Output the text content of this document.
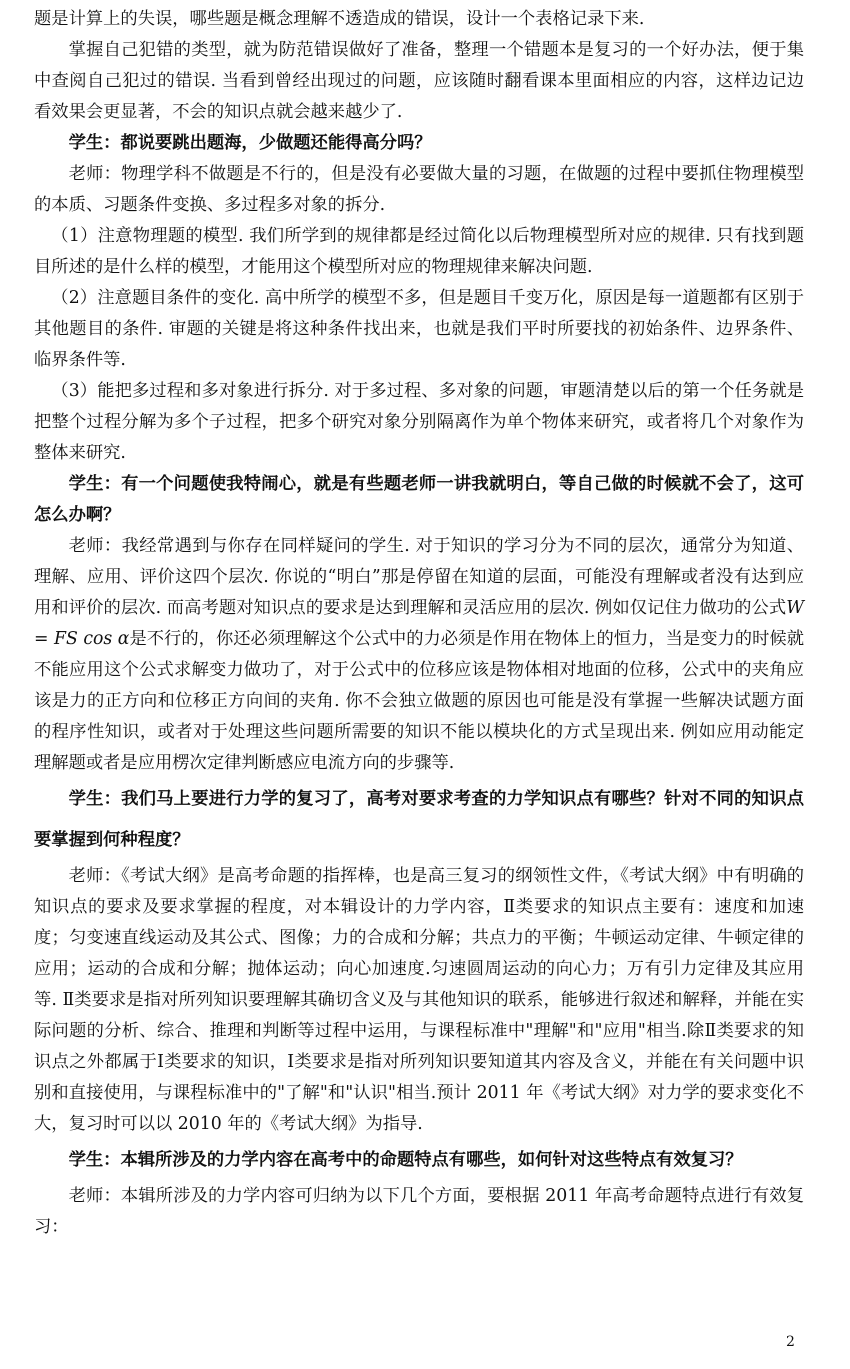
题是计算上的失误，哪些题是概念理解不透造成的错误，设计一个表格记录下来.

掌握自己犯错的类型，就为防范错误做好了准备，整理一个错题本是复习的一个好办法，便于集中查阅自己犯过的错误. 当看到曾经出现过的问题，应该随时翻看课本里面相应的内容，这样边记边看效果会更显著，不会的知识点就会越来越少了.

学生：都说要跳出题海，少做题还能得高分吗？

老师：物理学科不做题是不行的，但是没有必要做大量的习题，在做题的过程中要抓住物理模型的本质、习题条件变换、多过程多对象的拆分.

（1）注意物理题的模型. 我们所学到的规律都是经过简化以后物理模型所对应的规律. 只有找到题目所述的是什么样的模型，才能用这个模型所对应的物理规律来解决问题.

（2）注意题目条件的变化. 高中所学的模型不多，但是题目千变万化，原因是每一道题都有区别于其他题目的条件. 审题的关键是将这种条件找出来，也就是我们平时所要找的初始条件、边界条件、临界条件等.

（3）能把多过程和多对象进行拆分. 对于多过程、多对象的问题，审题清楚以后的第一个任务就是把整个过程分解为多个子过程，把多个研究对象分别隔离作为单个物体来研究，或者将几个对象作为整体来研究.

学生：有一个问题使我特闹心，就是有些题老师一讲我就明白，等自己做的时候就不会了，这可怎么办啊？

老师：我经常遇到与你存在同样疑问的学生. 对于知识的学习分为不同的层次，通常分为知道、理解、应用、评价这四个层次. 你说的“明白”那是停留在知道的层面，可能没有理解或者没有达到应用和评价的层次. 而高考题对知识点的要求是达到理解和灵活应用的层次. 例如仅记住力做功的公式W = FS cos α是不行的，你还必须理解这个公式中的力必须是作用在物体上的恒力，当是变力的时候就不能应用这个公式求解变力做功了，对于公式中的位移应该是物体相对地面的位移，公式中的夹角应该是力的正方向和位移正方向间的夹角. 你不会独立做题的原因也可能是没有掌握一些解决试题方面的程序性知识，或者对于处理这些问题所需要的知识不能以模块化的方式呈现出来. 例如应用动能定理解题或者是应用楞次定律判断感应电流方向的步骤等.

学生：我们马上要进行力学的复习了，高考对要求考查的力学知识点有哪些？针对不同的知识点要掌握到何种程度？

老师：《考试大纲》是高考命题的指挥棒，也是高三复习的纲领性文件，《考试大纲》中有明确的知识点的要求及要求掌握的程度，对本辑设计的力学内容，Ⅱ类要求的知识点主要有：速度和加速度；匀变速直线运动及其公式、图像；力的合成和分解；共点力的平衡；牛顿运动定律、牛顿定律的应用；运动的合成和分解；抛体运动；向心加速度.匀速圆周运动的向心力；万有引力定律及其应用等. Ⅱ类要求是指对所列知识要理解其确切含义及与其他知识的联系，能够进行叙述和解释，并能在实际问题的分析、综合、推理和判断等过程中运用，与课程标准中"理解"和"应用"相当.除Ⅱ类要求的知识点之外都属于Ⅰ类要求的知识，Ⅰ类要求是指对所列知识要知道其内容及含义，并能在有关问题中识别和直接使用，与课程标准中的"了解"和"认识"相当.预计 2011 年《考试大纲》对力学的要求变化不大，复习时可以以 2010 年的《考试大纲》为指导.

学生：本辑所涉及的力学内容在高考中的命题特点有哪些，如何针对这些特点有效复习？

老师：本辑所涉及的力学内容可归纳为以下几个方面，要根据 2011 年高考命题特点进行有效复习：

2
